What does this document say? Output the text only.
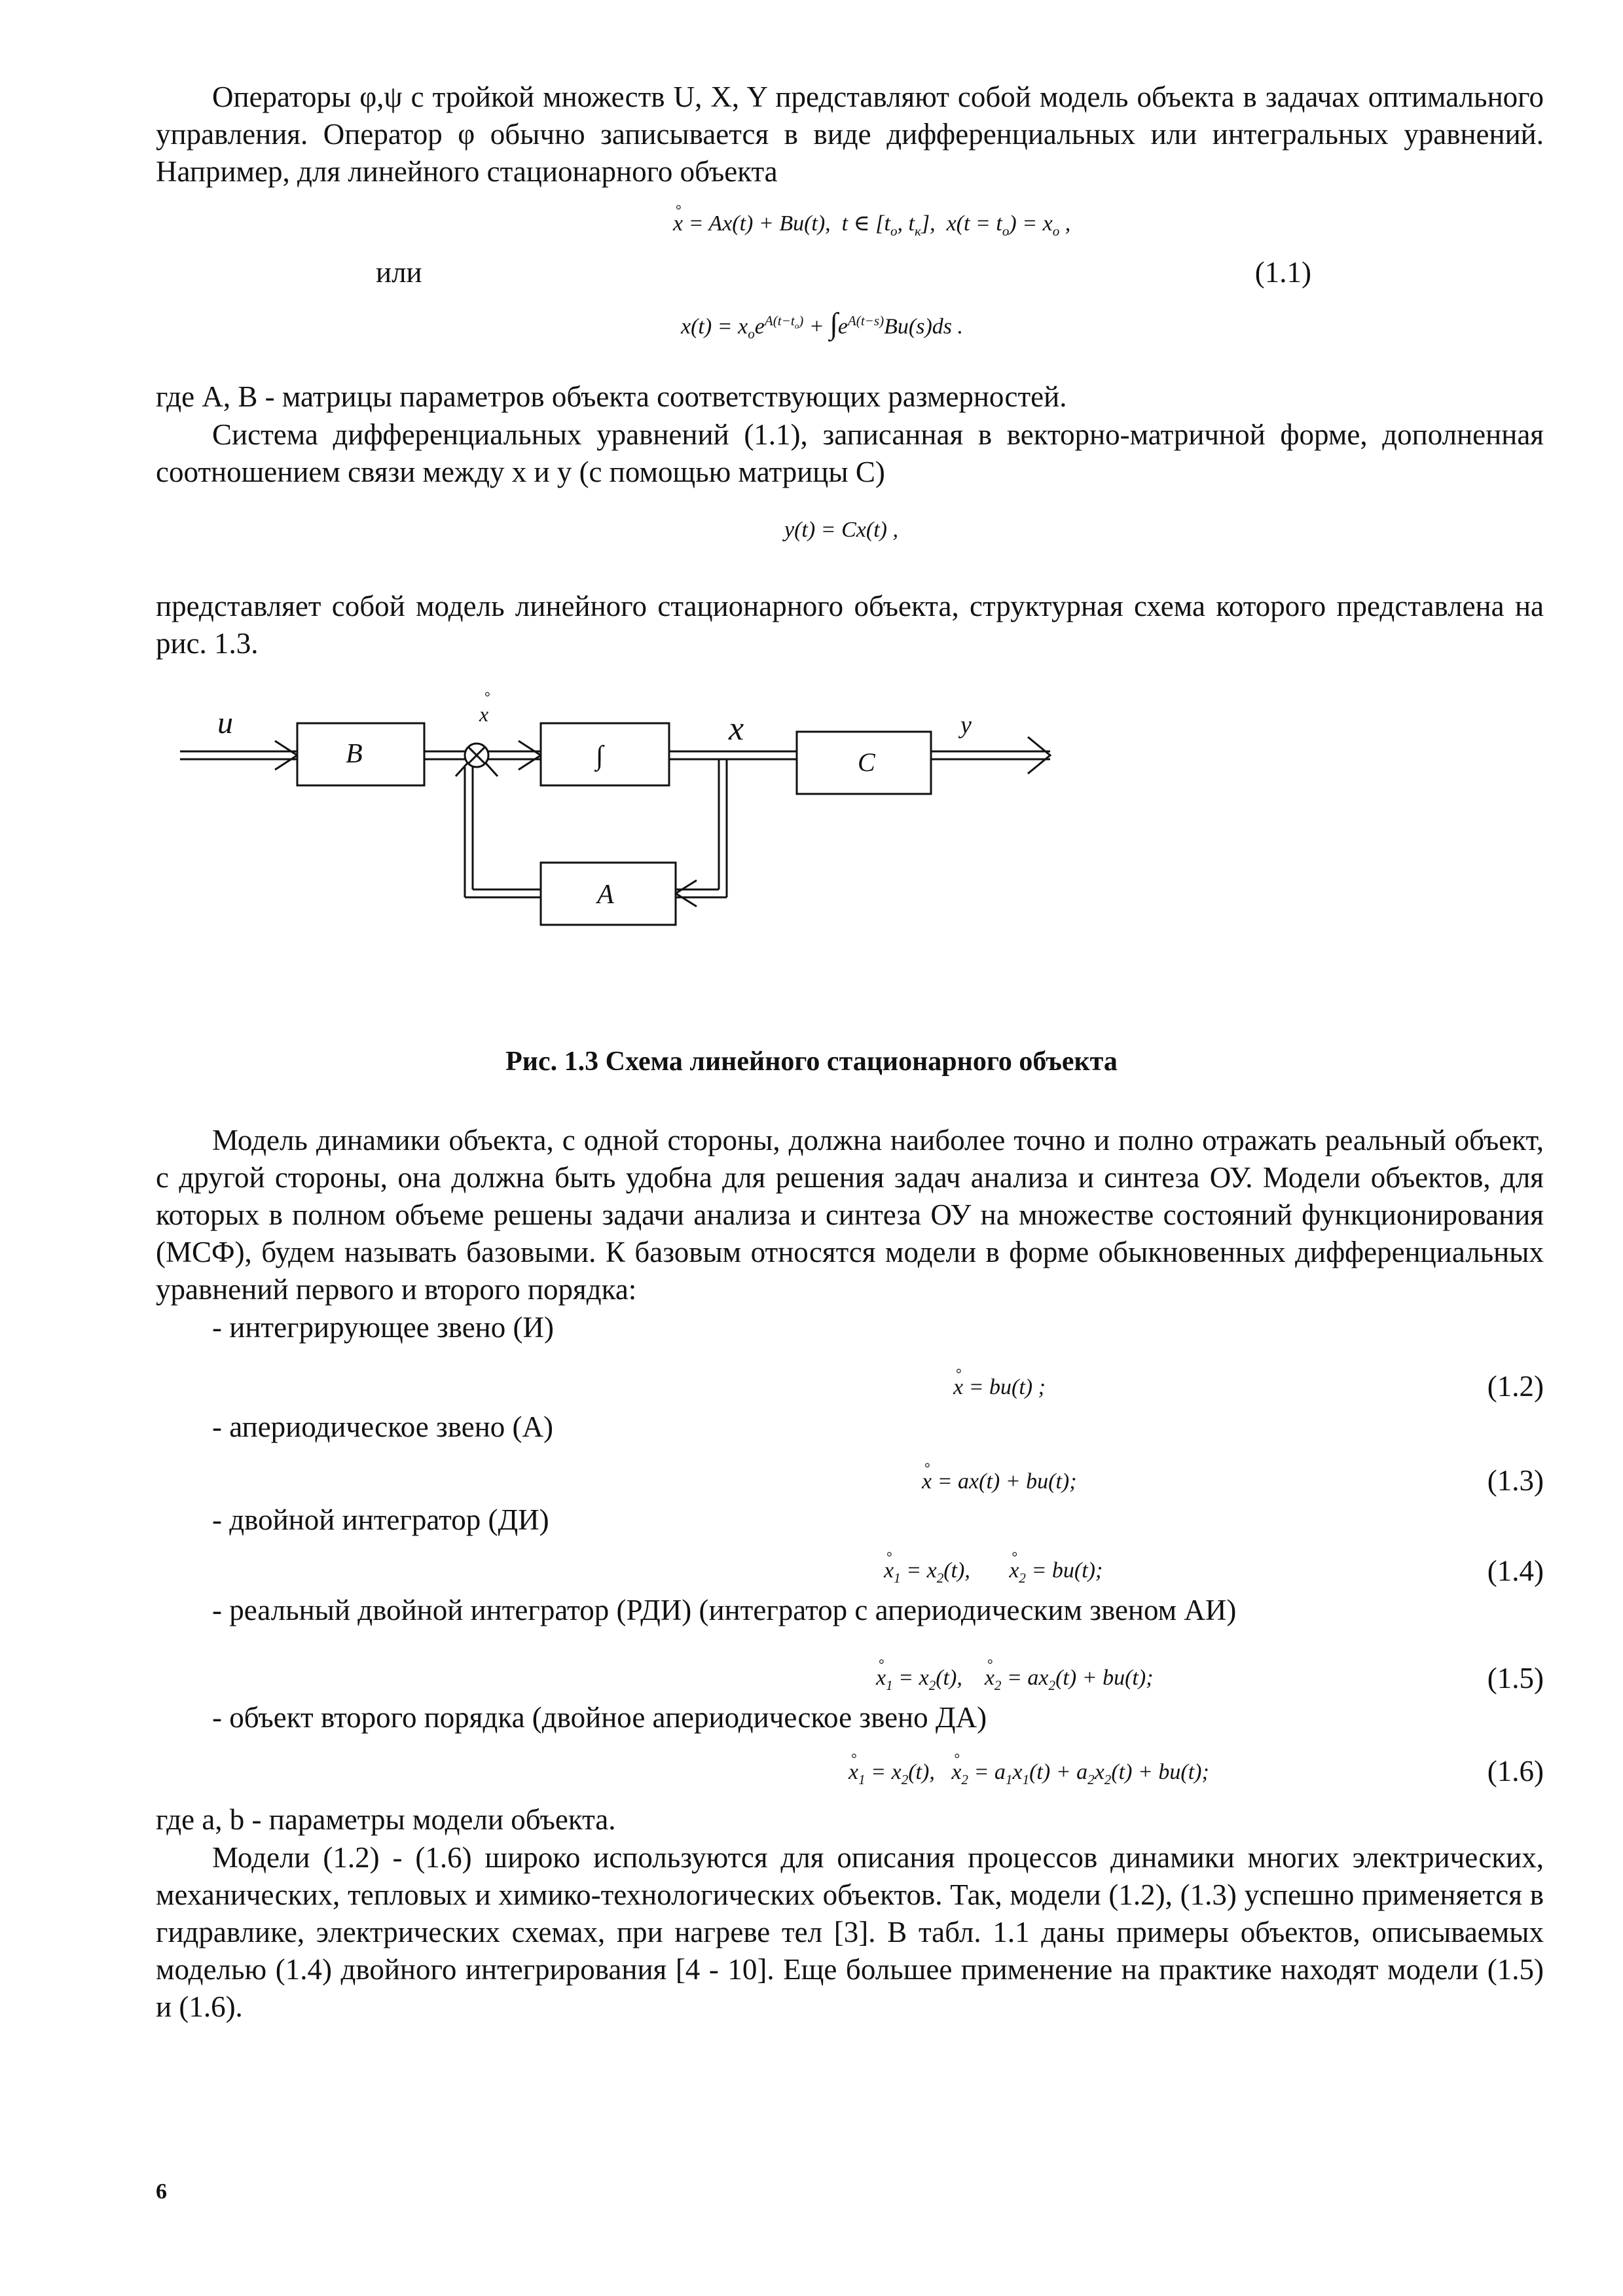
Операторы φ,ψ с тройкой множеств U, X, Y представляют собой модель объекта в задачах оптимального управления. Оператор φ обычно записывается в виде дифференциальных или интегральных уравнений. Например, для линейного стационарного объекта

° x = Ax(t) + Bu(t),  t ∈ [$t_o$, $t_к$],  $x(t = t_o) = x_o$ ,

или	(1.1)
$x(t) = x_oe^{A(t-t_o)} + \int e^{A(t-s)}Bu(s)ds$ .

где A, B - матрицы параметров объекта соответствующих размерностей.

Система дифференциальных уравнений (1.1), записанная в векторно-матричной форме, дополненная соотношением связи между x и y (с помощью матрицы C)

y(t) = Cx(t) ,

представляет собой модель линейного стационарного объекта, структурная схема которого представлена на рис. 1.3.

u	x
°
x	y
B	∫	C
A
Рис. 1.3 Схема линейного стационарного объекта

Модель динамики объекта, с одной стороны, должна наиболее точно и полно отражать реальный объект, с другой стороны, она должна быть удобна для решения задач анализа и синтеза ОУ. Модели объектов, для которых в полном объеме решены задачи анализа и синтеза ОУ на множестве состояний функционирования (МСФ), будем называть базовыми. К базовым относятся модели в форме обыкновенных дифференциальных уравнений первого и второго порядка:

- интегрирующее звено (И)

° x = bu(t) ;	(1.2)

- апериодическое звено (А)

° x = ax(t) + bu(t);	(1.3)

- двойной интегратор (ДИ)

° $x_1 = x_2(t)$,       ° $x_2 = bu(t)$;	(1.4)

- реальный двойной интегратор (РДИ) (интегратор с апериодическим звеном АИ)

° $x_1 = x_2(t)$,    ° $x_2 = ax_2(t) + bu(t)$;	(1.5)

- объект второго порядка (двойное апериодическое звено ДА)

° $x_1 = x_2(t)$,   ° $x_2 = a_1x_1(t) + a_2x_2(t) + bu(t)$;	(1.6)

где a, b - параметры модели объекта.

Модели (1.2) - (1.6) широко используются для описания процессов динамики многих электрических, механических, тепловых и химико-технологических объектов. Так, модели (1.2), (1.3) успешно применяется в гидравлике, электрических схемах, при нагреве тел [3]. В табл. 1.1 даны примеры объектов, описываемых моделью (1.4) двойного интегрирования [4 - 10]. Еще большее применение на практике находят модели (1.5) и (1.6).

6
